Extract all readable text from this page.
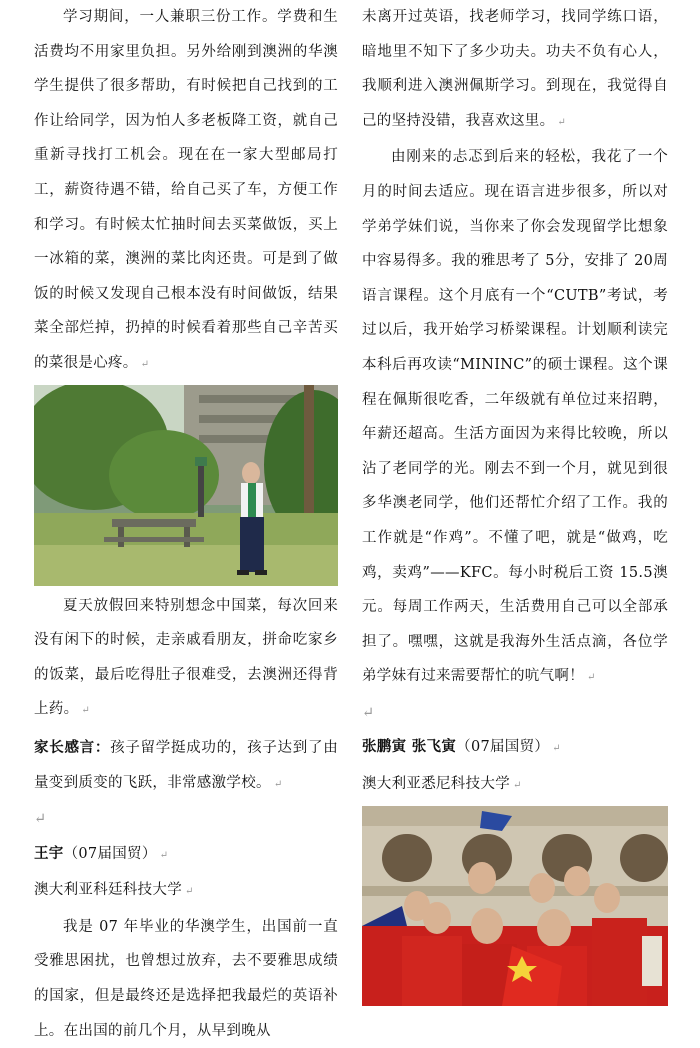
学习期间，一人兼职三份工作。学费和生活费均不用家里负担。另外给刚到澳洲的华澳学生提供了很多帮助，有时候把自己找到的工作让给同学，因为怕人多老板降工资，就自己重新寻找打工机会。现在在一家大型邮局打工，薪资待遇不错，给自己买了车，方便工作和学习。有时候太忙抽时间去买菜做饭，买上一冰箱的菜，澳洲的菜比肉还贵。可是到了做饭的时候又发现自己根本没有时间做饭，结果菜全部烂掉，扔掉的时候看着那些自己辛苦买的菜很是心疼。 ↵

夏天放假回来特别想念中国菜，每次回来没有闲下的时候，走亲戚看朋友，拼命吃家乡的饭菜，最后吃得肚子很难受，去澳洲还得背上药。 ↵

家长感言：孩子留学挺成功的，孩子达到了由量变到质变的飞跃，非常感激学校。 ↵

↵

王宇（07届国贸） ↵

澳大利亚科廷科技大学 ↵

我是 07 年毕业的华澳学生，出国前一直受雅思困扰，也曾想过放弃，去不要雅思成绩的国家，但是最终还是选择把我最烂的英语补上。在出国的前几个月，从早到晚从

未离开过英语，找老师学习，找同学练口语，暗地里不知下了多少功夫。功夫不负有心人，我顺利进入澳洲佩斯学习。到现在，我觉得自己的坚持没错，我喜欢这里。 ↵

由刚来的忐忑到后来的轻松，我花了一个月的时间去适应。现在语言进步很多，所以对学弟学妹们说，当你来了你会发现留学比想象中容易得多。我的雅思考了 5分，安排了 20周语言课程。这个月底有一个“CUTB”考试，考过以后，我开始学习桥梁课程。计划顺利读完本科后再攻读“MININC”的硕士课程。这个课程在佩斯很吃香，二年级就有单位过来招聘，年薪还超高。生活方面因为来得比较晚，所以沾了老同学的光。刚去不到一个月，就见到很多华澳老同学，他们还帮忙介绍了工作。我的工作就是“作鸡”。不懂了吧，就是“做鸡，吃鸡，卖鸡”——KFC。每小时税后工资 15.5澳元。每周工作两天，生活费用自己可以全部承担了。嘿嘿，这就是我海外生活点滴，各位学弟学妹有过来需要帮忙的吭气啊！ ↵

↵

张鹏寅 张飞寅（07届国贸） ↵

澳大利亚悉尼科技大学 ↵
